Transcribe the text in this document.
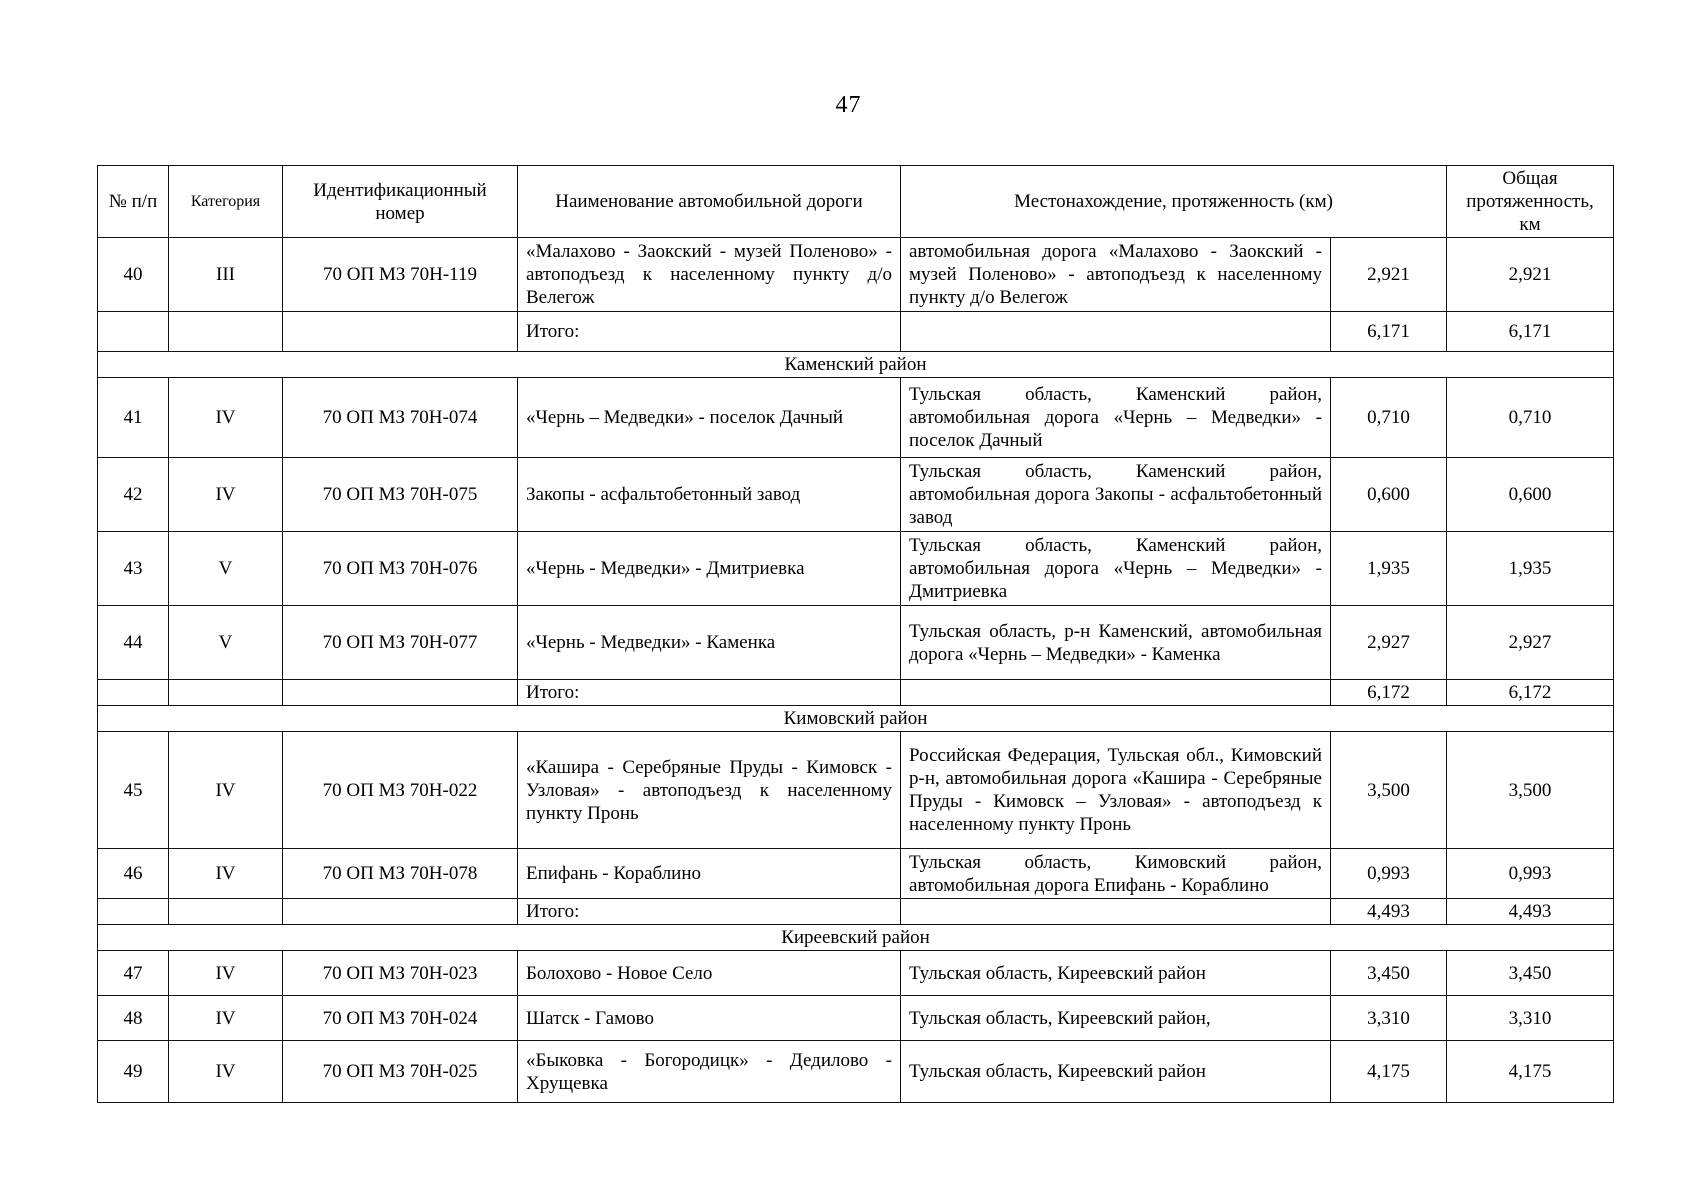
47
№ п/п	Категория	Идентификационный номер	Наименование автомобильной дороги	Местонахождение, протяженность (км)		Общая протяженность, км
40	III	70 ОП МЗ 70Н-119	«Малахово - Заокский - музей Поленово» - автоподъезд к населенному пункту д/о Велегож	автомобильная дорога «Малахово - Заокский - музей Поленово» - автоподъезд к населенному пункту д/о Велегож	2,921	2,921
			Итого:		6,171	6,171
Каменский район						
41	IV	70 ОП МЗ 70Н-074	«Чернь – Медведки» - поселок Дачный	Тульская область, Каменский район, автомобильная дорога «Чернь – Медведки» - поселок Дачный	0,710	0,710
42	IV	70 ОП МЗ 70Н-075	Закопы - асфальтобетонный завод	Тульская область, Каменский район, автомобильная дорога Закопы - асфальтобетонный завод	0,600	0,600
43	V	70 ОП МЗ 70Н-076	«Чернь - Медведки» - Дмитриевка	Тульская область, Каменский район, автомобильная дорога «Чернь – Медведки» - Дмитриевка	1,935	1,935
44	V	70 ОП МЗ 70Н-077	«Чернь - Медведки» - Каменка	Тульская область, р-н Каменский, автомобильная дорога «Чернь – Медведки» - Каменка	2,927	2,927
			Итого:		6,172	6,172
Кимовский район						
45	IV	70 ОП МЗ 70Н-022	«Кашира - Серебряные Пруды - Кимовск - Узловая» - автоподъезд к населенному пункту Пронь	Российская Федерация, Тульская обл., Кимовский р-н, автомобильная дорога «Кашира - Серебряные Пруды - Кимовск – Узловая» - автоподъезд к населенному пункту Пронь	3,500	3,500
46	IV	70 ОП МЗ 70Н-078	Епифань - Кораблино	Тульская область, Кимовский район, автомобильная дорога Епифань - Кораблино	0,993	0,993
			Итого:		4,493	4,493
Киреевский район						
47	IV	70 ОП МЗ 70Н-023	Болохово - Новое Село	Тульская область, Киреевский район	3,450	3,450
48	IV	70 ОП МЗ 70Н-024	Шатск - Гамово	Тульская область, Киреевский район,	3,310	3,310
49	IV	70 ОП МЗ 70Н-025	«Быковка - Богородицк» - Дедилово - Хрущевка	Тульская область, Киреевский район	4,175	4,175
